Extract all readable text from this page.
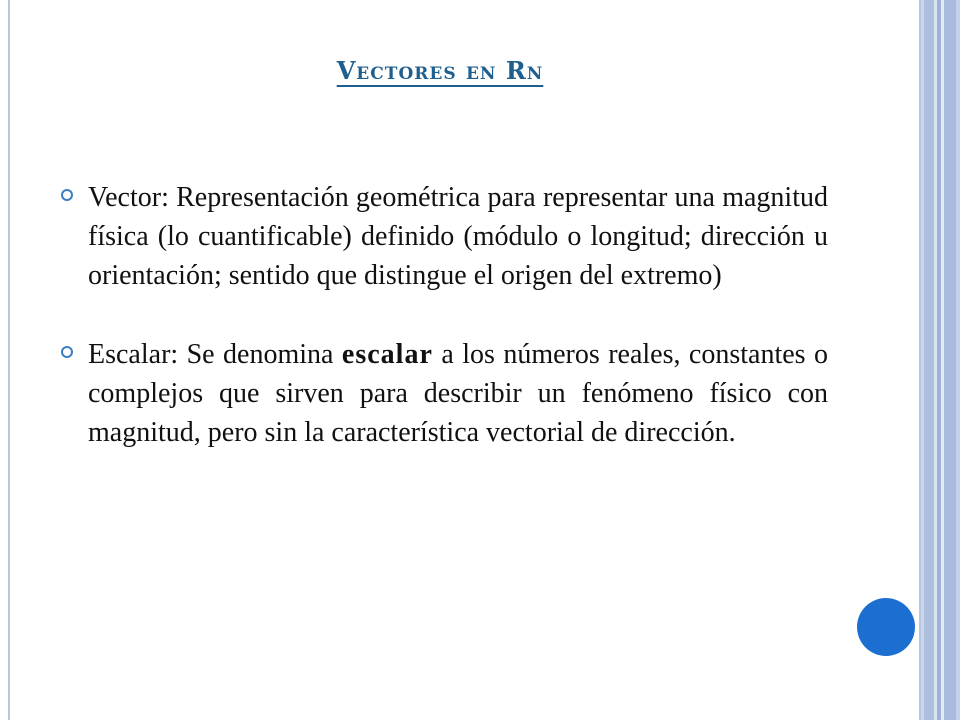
Vectores en Rn
Vector: Representación geométrica para representar una magnitud física (lo cuantificable) definido (módulo o longitud; dirección u orientación; sentido que distingue el origen del extremo)
Escalar: Se denomina escalar a los números reales, constantes o complejos que sirven para describir un fenómeno físico con magnitud, pero sin la característica vectorial de dirección.
